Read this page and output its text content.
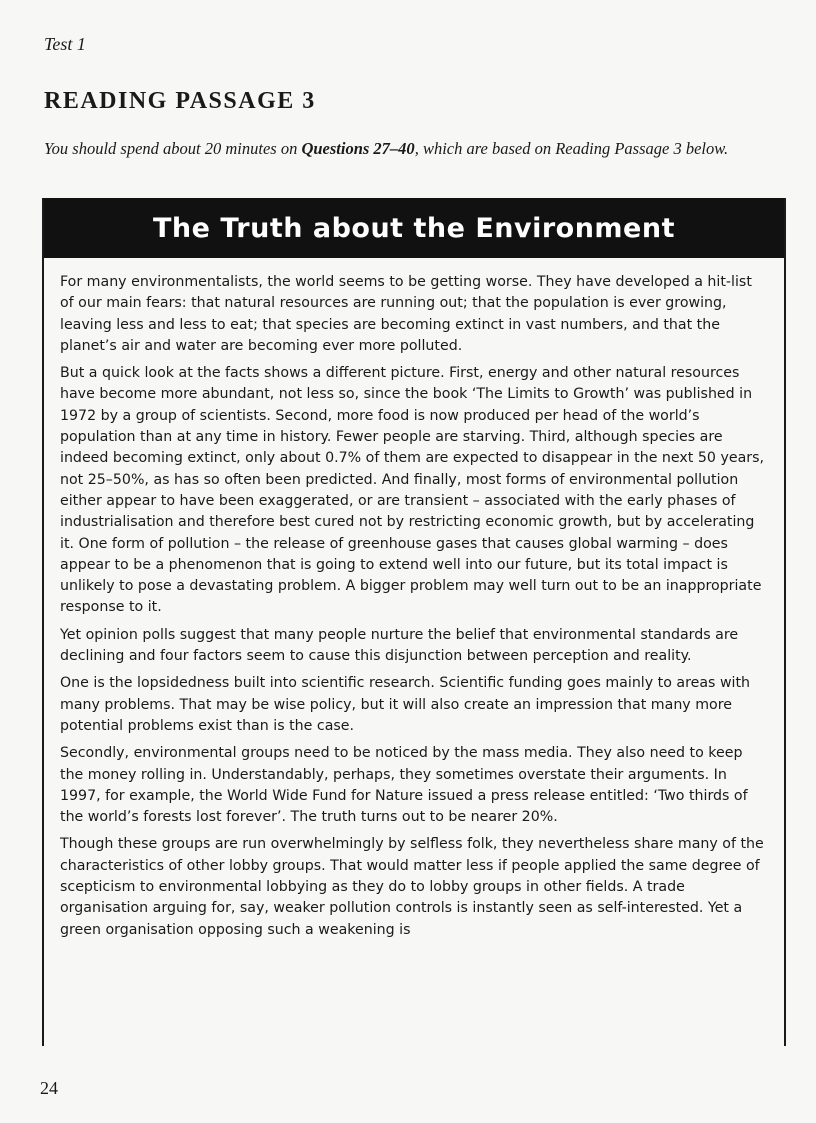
Test 1
READING PASSAGE 3
You should spend about 20 minutes on Questions 27–40, which are based on Reading Passage 3 below.
The Truth about the Environment

For many environmentalists, the world seems to be getting worse. They have developed a hit-list of our main fears: that natural resources are running out; that the population is ever growing, leaving less and less to eat; that species are becoming extinct in vast numbers, and that the planet’s air and water are becoming ever more polluted.

But a quick look at the facts shows a different picture. First, energy and other natural resources have become more abundant, not less so, since the book ‘The Limits to Growth’ was published in 1972 by a group of scientists. Second, more food is now produced per head of the world’s population than at any time in history. Fewer people are starving. Third, although species are indeed becoming extinct, only about 0.7% of them are expected to disappear in the next 50 years, not 25–50%, as has so often been predicted. And finally, most forms of environmental pollution either appear to have been exaggerated, or are transient – associated with the early phases of industrialisation and therefore best cured not by restricting economic growth, but by accelerating it. One form of pollution – the release of greenhouse gases that causes global warming – does appear to be a phenomenon that is going to extend well into our future, but its total impact is unlikely to pose a devastating problem. A bigger problem may well turn out to be an inappropriate response to it.

Yet opinion polls suggest that many people nurture the belief that environmental standards are declining and four factors seem to cause this disjunction between perception and reality.

One is the lopsidedness built into scientific research. Scientific funding goes mainly to areas with many problems. That may be wise policy, but it will also create an impression that many more potential problems exist than is the case.

Secondly, environmental groups need to be noticed by the mass media. They also need to keep the money rolling in. Understandably, perhaps, they sometimes overstate their arguments. In 1997, for example, the World Wide Fund for Nature issued a press release entitled: ‘Two thirds of the world’s forests lost forever’. The truth turns out to be nearer 20%.

Though these groups are run overwhelmingly by selfless folk, they nevertheless share many of the characteristics of other lobby groups. That would matter less if people applied the same degree of scepticism to environmental lobbying as they do to lobby groups in other fields. A trade organisation arguing for, say, weaker pollution controls is instantly seen as self-interested. Yet a green organisation opposing such a weakening is

24
